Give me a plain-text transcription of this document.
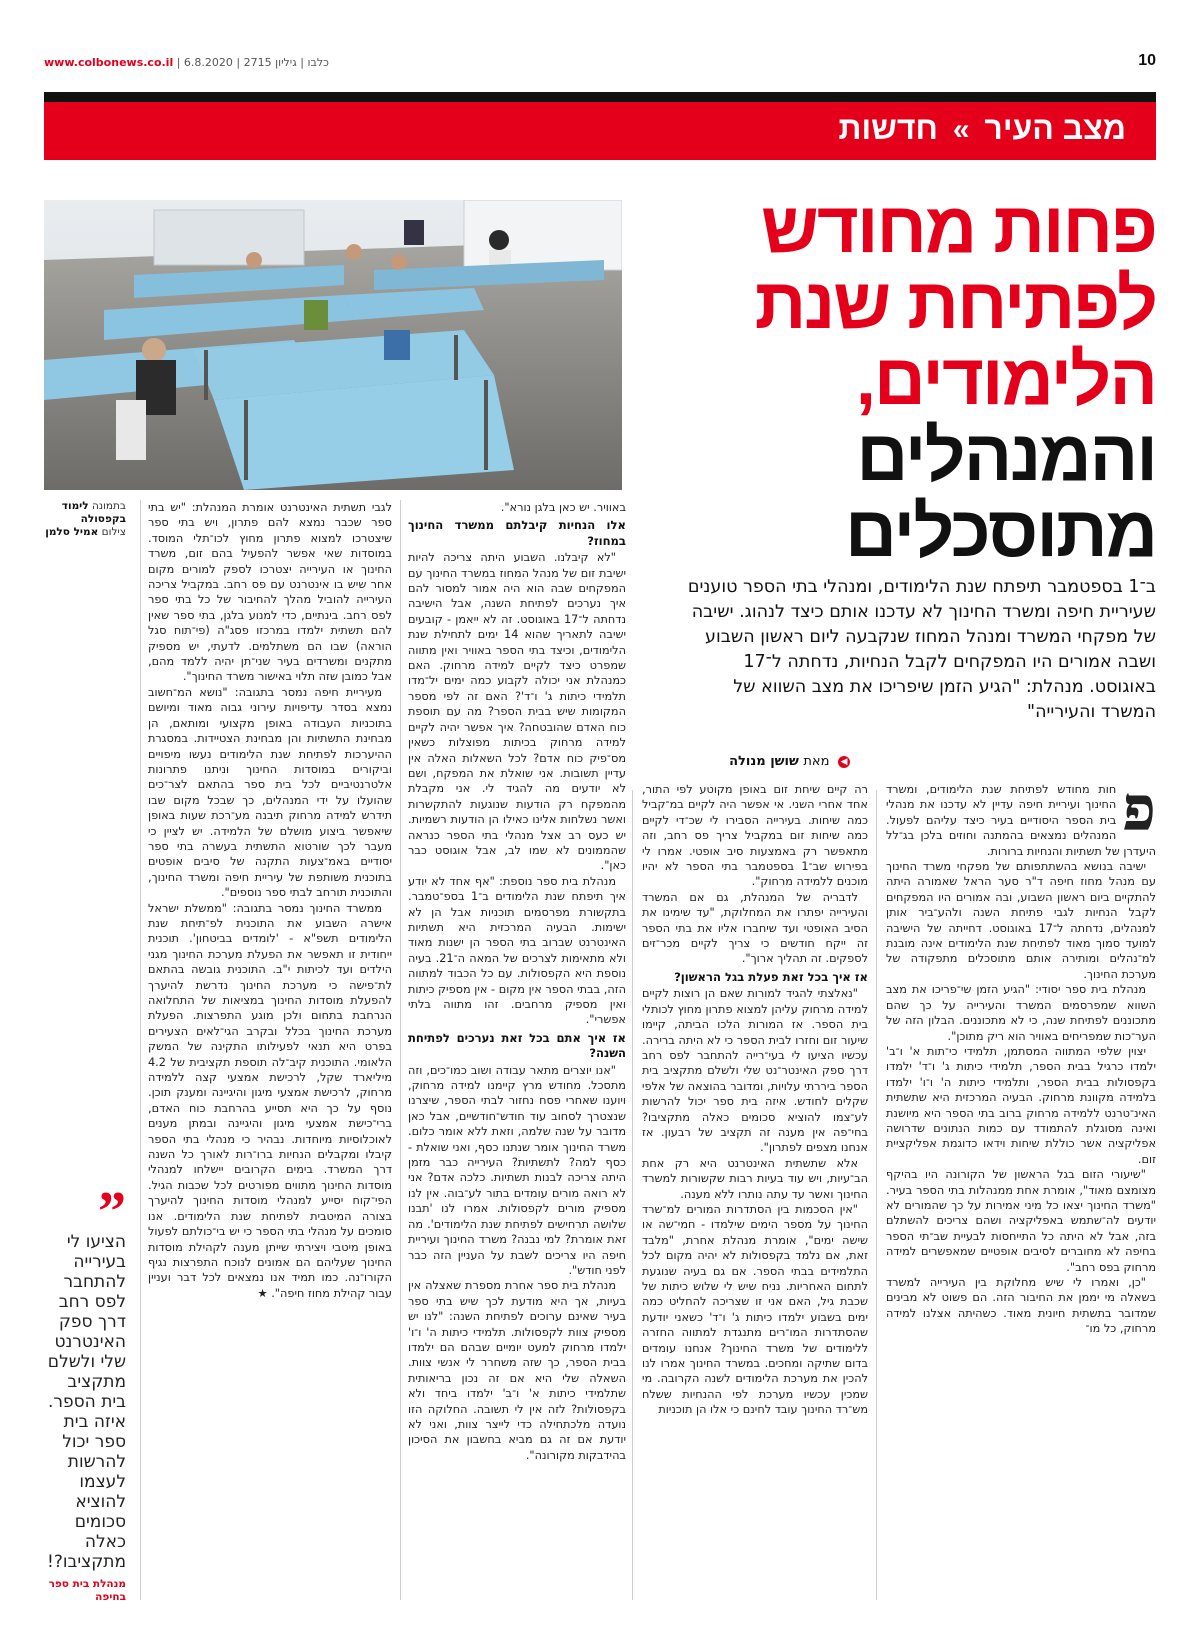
www.colbonews.co.il | כלבו | גיליון 2715 | 6.8.2020	10
מצב העיר » חדשות
פחות מחודש לפתיחת שנת הלימודים,
והמנהלים מתוסכלים
ב־1 בספטמבר תיפתח שנת הלימודים, ומנהלי בתי הספר טוענים שעיריית חיפה ומשרד החינוך לא עדכנו אותם כיצד לנהוג. ישיבה של מפקחי המשרד ומנהל המחוז שנקבעה ליום ראשון השבוע ושבה אמורים היו המפקחים לקבל הנחיות, נדחתה ל־17 באוגוסט. מנהלת: "הגיע הזמן שיפריכו את מצב השווא של המשרד והעירייה"
◀ מאת שושן מנולה
בתמונה לימוד בקפסולה
צילום אמיל סלמן
”
הציעו לי בעירייה להתחבר לפס רחב דרך ספק האינטרנט שלי ולשלם מתקציב בית הספר. איזה בית ספר יכול להרשות לעצמו להוציא סכומים כאלה מתקציבו?!
מנהלת בית ספר בחיפה
פ

חות מחודש לפתיחת שנת הלימודים, ומשרד החינוך ועיריית חיפה עדיין לא עדכנו את מנהלי בית הספר היסודיים בעיר כיצד עליהם לפעול. המנהלים נמצאים בהמתנה וחוזים בלכן בג־לל היעדרן של תשתיות והנחיות ברורות.

ישיבה בנושא בהשתתפותם של מפקחי משרד החינוך עם מנהל מחוז חיפה ד"ר סער הראל שאמורה היתה להתקיים ביום ראשון השבוע, ובה אמורים היו המפקחים לקבל הנחיות לגבי פתיחת השנה ולהע־ביר אותן למנהלים, נדחתה ל־17 באוגוסט. דחייתה של הישיבה למועד סמוך מאוד לפתיחת שנת הלימודים אינה מובנת למ־נהלים ומותירה אותם מתוסכלים מתפקודה של מערכת החינוך.

מנהלת בית ספר יסודי: "הגיע הזמן שי־פריכו את מצב השווא שמפרסמים המשרד והעירייה על כך שהם מתכוננים לפתיחת שנה, כי לא מתכוננים. הבלון הזה של הער־כות שמפריחים באוויר הוא ריק מתוכן".

יצוין שלפי המתווה המסתמן, תלמידי כי־תות א' ו־ב' ילמדו כרגיל בבית הספר, תלמידי כיתות ג' ו־ד' ילמדו בקפסולות בבית הספר, ותלמידי כיתות ה' ו־ו' ילמדו בלמידה מקוונת מרחוק. הבעיה המרכזית היא שתשתית האינ־טרנט ללמידה מרחוק ברוב בתי הספר היא מיושנת ואינה מסוגלת להתמודד עם כמות הנתונים שדרושה אפליקציה אשר כוללת שיחות וידאו כדוגמת אפליקציית זום.

"שיעורי הזום בגל הראשון של הקורונה היו בהיקף מצומצם מאוד", אומרת אחת ממנהלות בתי הספר בעיר. "משרד החינוך יצאו כל מיני אמירות על כך שהמורים לא יודעים לה־שתמש באפליקציה ושהם צריכים להשתלם בזה, אבל לא היתה כל התייחסות לבעיית שב־תי הספר בחיפה לא מחוברים לסיבים אופטיים שמאפשרים למידה מרחוק בפס רחב".

"כן, ואמרו לי שיש מחלוקת בין העירייה למשרד בשאלה מי יממן את החיבור הזה. הם פשוט לא מבינים שמדובר בתשתית חיונית מאוד. כשהיתה אצלנו למידה מרחוק, כל מו־

רה קיים שיחת זום באופן מקוטע לפי התור, אחד אחרי השני. אי אפשר היה לקיים במ־קביל כמה שיחות. בעירייה הסבירו לי שכ־די לקיים כמה שיחות זום במקביל צריך פס רחב, וזה מתאפשר רק באמצעות סיב אופטי. אמרו לי בפירוש שב־1 בספטמבר בתי הספר לא יהיו מוכנים ללמידה מרחוק".

לדבריה של המנהלת, גם אם המשרד והעירייה יפתרו את המחלוקת, "עד שימינו את הסיב האופטי ועד שיחברו אליו את בתי הספר זה ייקח חודשים כי צריך לקיים מכר־זים לספקים. זה תהליך ארוך".

אז איך בכל זאת פעלת בגל הראשון?

"נאלצתי להגיד למורות שאם הן רוצות לקיים למידה מרחוק עליהן למצוא פתרון מחוץ לכותלי בית הספר. אז המורות הלכו הביתה, קיימו שיעור זום וחזרו לבית הספר כי לא היתה ברירה. עכשיו הציעו לי בעי־רייה להתחבר לפס רחב דרך ספק האינטר־נט שלי ולשלם מתקציב בית הספר ביררתי עלויות, ומדובר בהוצאה של אלפי שקלים לחודש. איזה בית ספר יכול להרשות לע־צמו להוציא סכומים כאלה מתקציבו? בחי־פה אין מענה זה תקציב של רבעון. אז אנחנו מצפים לפתרון".

אלא שתשתית האינטרנט היא רק אחת הב־עיות, ויש עוד בעיות רבות שקשורות למשרד החינוך ואשר עד עתה נותרו ללא מענה.

"אין הסכמות בין הסתדרות המורים למ־שרד החינוך על מספר הימים שילמדו - חמי־שה או שישה ימים", אומרת מנהלת אחרת, "מלבד זאת, אם נלמד בקפסולות לא יהיה מקום לכל התלמידים בבתי הספר. אם גם בעיה שנוגעת לתחום האחריות. נניח שיש לי שלוש כיתות של שכבת גיל, האם אני זו שצריכה להחליט כמה ימים בשבוע ילמדו כיתות ג' ו־ד' כשאני יודעת שהסתדרות המו־רים מתנגדת למתווה החזרה ללימודים של משרד החינוך? אנחנו עומדים בדום שתיקה ומחכים. במשרד החינוך אמרו לנו להכין את מערכת הלימודים לשנה הקרובה. מי שמכין עכשיו מערכת לפי ההנחיות ששלח מש־רד החינוך עובד לחינם כי אלו הן תוכניות

באוויר. יש כאן בלגן נורא".

אלו הנחיות קיבלתם ממשרד החינוך במחוז?

"לא קיבלנו. השבוע היתה צריכה להיות ישיבת זום של מנהל המחוז במשרד החינוך עם המפקחים שבה הוא היה אמור למסור להם איך נערכים לפתיחת השנה, אבל הישיבה נדחתה ל־17 באוגוסט. זה לא ייאמן - קובעים ישיבה לתאריך שהוא 14 ימים לתחילת שנת הלימודים, וכיצד בתי הספר באוויר ואין מתווה שמפרט כיצד לקיים למידה מרחוק. האם כמנהלת אני יכולה לקבוע כמה ימים יל־מדו תלמידי כיתות ג' ו־ד'? האם זה לפי מספר המקומות שיש בבית הספר? מה עם תוספת כוח האדם שהובטחה? איך אפשר יהיה לקיים למידה מרחוק בכיתות מפוצלות כשאין מס־פיק כוח אדם? לכל השאלות האלה אין עדיין תשובות. אני שואלת את המפקח, ושם לא יודעים מה להגיד לי. אני מקבלת מהמפקח רק הודעות שנוגעות להתקשרות ואשר נשלחות אלינו כאילו הן הודעות רשמיות. יש כעס רב אצל מנהלי בתי הספר כנראה שהממונים לא שמו לב, אבל אוגוסט כבר כאן".

מנהלת בית ספר נוספת: "אף אחד לא יודע איך תיפתח שנת הלימודים ב־1 בספ־טמבר. בתקשורת מפרסמים תוכניות אבל הן לא ישימות. הבעיה המרכזית היא תשתיות האינטרנט שברוב בתי הספר הן ישנות מאוד ולא מתאימות לצרכים של המאה ה־21. בעיה נוספת היא הקפסולות. עם כל הכבוד למתווה הזה, בבתי הספר אין מקום - אין מספיק כיתות ואין מספיק מרחבים. זהו מתווה בלתי אפשרי".

אז איך אתם בכל זאת נערכים לפתיחת השנה?

"אנו יוצרים מתאר עבודה ושוב כמו־כים, וזה מתסכל. מחודש מרץ קיימנו למידה מרחוק, ויוענו שאחרי פסח נחזור לבתי הספר, שיצרנו שנצטרך לסחוב עוד חודש־חודשיים, אבל כאן מדובר על שנה שלמה, וזאת ללא אומר כלום. משרד החינוך אומר שנתנו כסף, ואני שואלת - כסף למה? לתשתיות? העירייה כבר מזמן היתה צריכה לבנות תשתיות. כלכה אדם? אני לא רואה מורים עומדים בתור לע־בוה. אין לנו מספיק מורים לקפסולות. אמרו לנו 'תבנו שלושה תרחישים לפתיחת שנת הלימודים'. מה זאת אומרת? למי נבנה? משרד החינוך ועיריית חיפה היו צריכים לשבת על העניין הזה כבר לפני חודש".

מנהלת בית ספר אחרת מספרת שאצלה אין בעיות, אך היא מודעת לכך שיש בתי ספר בעיר שאינם ערוכים לפתיחת השנה: "לנו יש מספיק צוות לקפסולות. תלמידי כיתות ה' ו־ו' ילמדו מרחוק למעט יומיים שבהם הם ילמדו בבית הספר, כך שזה משחרר לי אנשי צוות. השאלה שלי היא אם זה נכון בריאותית שתלמידי כיתות א' ו־ב' ילמדו ביחד ולא בקפסולות? לזה אין לי תשובה. החלוקה הזו נועדה מלכתחילה כדי לייצר צוות, ואני לא יודעת אם זה גם מביא בחשבון את הסיכון בהידבקות מקורונה".

לגבי תשתית האינטרנט אומרת המנהלת: "יש בתי ספר שכבר נמצא להם פתרון, ויש בתי ספר שיצטרכו למצוא פתרון מחוץ לכו־תלי המוסד. במוסדות שאי אפשר להפעיל בהם זום, משרד החינוך או העירייה יצטרכו לספק למורים מקום אחר שיש בו אינטרנט עם פס רחב. במקביל צריכה העירייה להוביל מהלך להחיבור של כל בתי ספר לפס רחב. בינתיים, כדי למנוע בלגן, בתי ספר שאין להם תשתית ילמדו במרכזו פסג"ה (פי־תוח סגל הוראה) שבו הם משתלמים. לדעתי, יש מספיק מתקנים ומשרדים בעיר שני־תן יהיה ללמד מהם, אבל כמובן שזה תלוי באישור משרד החינוך".

מעיריית חיפה נמסר בתגובה: "נושא המ־חשוב נמצא בסדר עדיפויות עירוני גבוה מאוד ומיושם בתוכניות העבודה באופן מקצועי ומותאם, הן מבחינת התשתיות והן מבחינת הצטיידות. במסגרת ההיערכות לפתיחת שנת הלימודים נעשו מיפויים וביקורים במוסדות החינוך וניתנו פתרונות אלטרנטיביים לכל בית ספר בהתאם לצר־כים שהועלו על ידי המנהלים, כך שבכל מקום שבו תידרש למידה מרחוק תיבנה מע־רכת שעות באופן שיאפשר ביצוע מושלם של הלמידה. יש לציין כי מעבר לכך שורטוא התשתית בעשרה בתי ספר יסודיים באמ־צעות התקנה של סיבים אופטים בתוכנית משותפת של עיריית חיפה ומשרד החינוך, והתוכנית תורחב לבתי ספר נוספים".

ממשרד החינוך נמסר בתגובה: "ממשלת ישראל אישרה השבוע את התוכנית לפ־תיחת שנת הלימודים תשפ"א - 'לומדים בביטחון'. תוכנית ייחודית זו תאפשר את הפעלת מערכת החינוך מגני הילדים ועד לכיתות י"ב. התוכנית גובשה בהתאם לת־פישה כי מערכת החינוך נדרשת להיערך להפעלת מוסדות החינוך במציאות של התחלואה הנרחבת בתחום ולכן מוגע התפרצות. הפעלת מערכת החינוך בכלל ובקרב הגי־לאים הצעירים בפרט היא תנאי לפעילותו התקינה של המשק הלאומי. התוכנית קיב־לה תוספת תקציבית של 4.2 מיליארד שקל, לרכישת אמצעי קצה ללמידה מרחוק, לרכישת אמצעי מיגון והיגיינה ומענק תוכן. נוסף על כך היא תסייע בהרחבת כוח האדם, ברי־כישת אמצעי מיגון והיגיינה ובמתן מענים לאוכלוסיות מיוחדות. נבהיר כי מנהלי בתי הספר קיבלו ומקבלים הנחיות ברו־רות לאורך כל השנה דרך המשרד. בימים הקרובים יישלחו למנהלי מוסדות החינוך מתווים מפורטים לכל שכבות הגיל. הפי־קוח יסייע למנהלי מוסדות החינוך להיערך בצורה המיטבית לפתיחת שנת הלימודים. אנו סומכים על מנהלי בתי הספר כי יש בי־כולתם לפעול באופן מיטבי ויצירתי שייתן מענה לקהילת מוסדות החינוך שעליהם הם אמונים לנוכח התפרצות נגיף הקורו־נה. כמו תמיד אנו נמצאים לכל דבר ועניין עבור קהילת מחוז חיפה". ★
